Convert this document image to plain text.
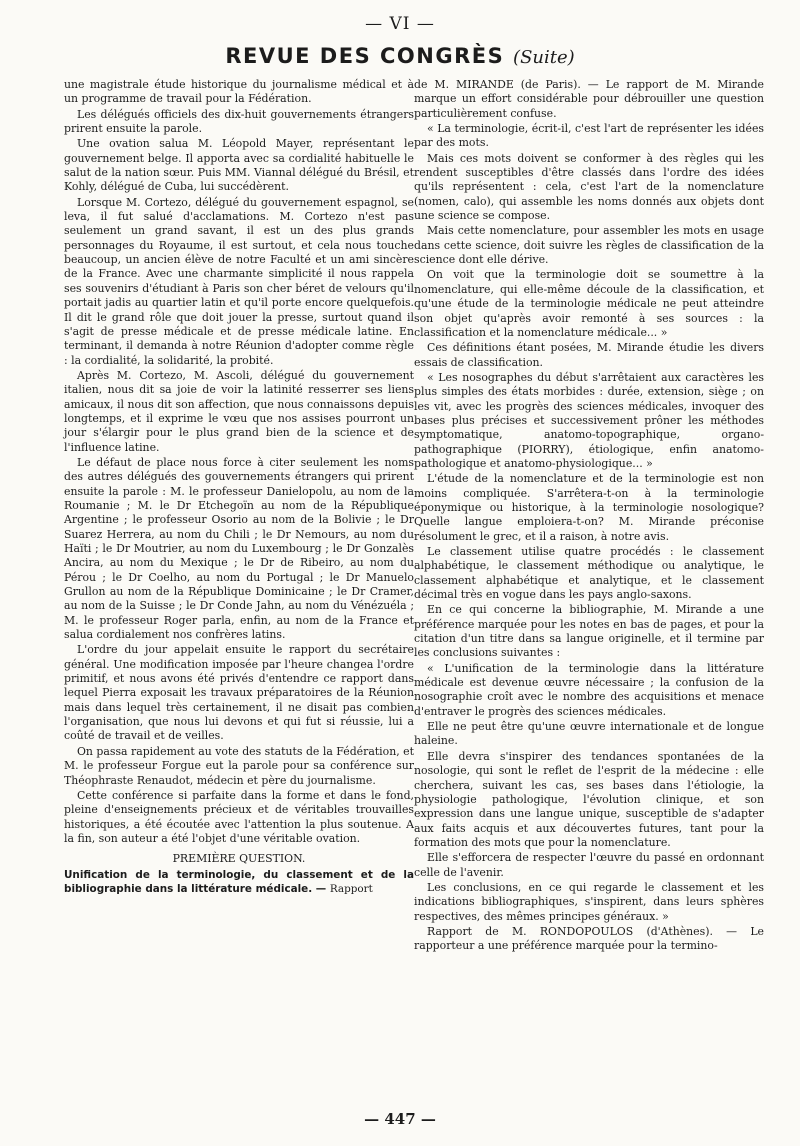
— VI —
REVUE DES CONGRÈS (Suite)

une magistrale étude historique du journalisme médical et à un programme de travail pour la Fédération.

Les délégués officiels des dix-huit gouvernements étrangers prirent ensuite la parole.

Une ovation salua M. Léopold Mayer, représentant le gouvernement belge. Il apporta avec sa cordialité habituelle le salut de la nation sœur. Puis MM. Viannal délégué du Brésil, et Kohly, délégué de Cuba, lui succédèrent.

Lorsque M. Cortezo, délégué du gouvernement espagnol, se leva, il fut salué d'acclamations. M. Cortezo n'est pas seulement un grand savant, il est un des plus grands personnages du Royaume, il est surtout, et cela nous touche beaucoup, un ancien élève de notre Faculté et un ami sincère de la France. Avec une charmante simplicité il nous rappela ses souvenirs d'étudiant à Paris son cher béret de velours qu'il portait jadis au quartier latin et qu'il porte encore quelquefois. Il dit le grand rôle que doit jouer la presse, surtout quand il s'agit de presse médicale et de presse médicale latine. En terminant, il demanda à notre Réunion d'adopter comme règle : la cordialité, la solidarité, la probité.

Après M. Cortezo, M. Ascoli, délégué du gouvernement italien, nous dit sa joie de voir la latinité resserrer ses liens amicaux, il nous dit son affection, que nous connaissons depuis longtemps, et il exprime le vœu que nos assises pourront un jour s'élargir pour le plus grand bien de la science et de l'influence latine.

Le défaut de place nous force à citer seulement les noms des autres délégués des gouvernements étrangers qui prirent ensuite la parole : M. le professeur Danielopolu, au nom de la Roumanie ; M. le Dr Etchegoïn au nom de la République Argentine ; le professeur Osorio au nom de la Bolivie ; le Dr Suarez Herrera, au nom du Chili ; le Dr Nemours, au nom du Haïti ; le Dr Moutrier, au nom du Luxembourg ; le Dr Gonzalès Ancira, au nom du Mexique ; le Dr de Ribeiro, au nom du Pérou ; le Dr Coelho, au nom du Portugal ; le Dr Manuelo Grullon au nom de la République Dominicaine ; le Dr Cramer, au nom de la Suisse ; le Dr Conde Jahn, au nom du Vénézuéla ; M. le professeur Roger parla, enfin, au nom de la France et salua cordialement nos confrères latins.

L'ordre du jour appelait ensuite le rapport du secrétaire général. Une modification imposée par l'heure changea l'ordre primitif, et nous avons été privés d'entendre ce rapport dans lequel Pierra exposait les travaux préparatoires de la Réunion mais dans lequel très certainement, il ne disait pas combien l'organisation, que nous lui devons et qui fut si réussie, lui a coûté de travail et de veilles.

On passa rapidement au vote des statuts de la Fédération, et M. le professeur Forgue eut la parole pour sa conférence sur Théophraste Renaudot, médecin et père du journalisme.

Cette conférence si parfaite dans la forme et dans le fond, pleine d'enseignements précieux et de véritables trouvailles historiques, a été écoutée avec l'attention la plus soutenue. A la fin, son auteur a été l'objet d'une véritable ovation.

PREMIÈRE QUESTION.

Unification de la terminologie, du classement et de la bibliographie dans la littérature médicale. — Rapport

de M. MIRANDE (de Paris). — Le rapport de M. Mirande marque un effort considérable pour débrouiller une question particulièrement confuse.

« La terminologie, écrit-il, c'est l'art de représenter les idées par des mots.

Mais ces mots doivent se conformer à des règles qui les rendent susceptibles d'être classés dans l'ordre des idées qu'ils représentent : cela, c'est l'art de la nomenclature (nomen, calo), qui assemble les noms donnés aux objets dont une science se compose.

Mais cette nomenclature, pour assembler les mots en usage dans cette science, doit suivre les règles de classification de la science dont elle dérive.

On voit que la terminologie doit se soumettre à la nomenclature, qui elle-même découle de la classification, et qu'une étude de la terminologie médicale ne peut atteindre son objet qu'après avoir remonté à ses sources : la classification et la nomenclature médicale... »

Ces définitions étant posées, M. Mirande étudie les divers essais de classification.

« Les nosographes du début s'arrêtaient aux caractères les plus simples des états morbides : durée, extension, siège ; on les vit, avec les progrès des sciences médicales, invoquer des bases plus précises et successivement prôner les méthodes symptomatique, anatomo-topographique, organo-pathographique (PIORRY), étiologique, enfin anatomo-pathologique et anatomo-physiologique... »

L'étude de la nomenclature et de la terminologie est non moins compliquée. S'arrêtera-t-on à la terminologie éponymique ou historique, à la terminologie nosologique? Quelle langue emploiera-t-on? M. Mirande préconise résolument le grec, et il a raison, à notre avis.

Le classement utilise quatre procédés : le classement alphabétique, le classement méthodique ou analytique, le classement alphabétique et analytique, et le classement décimal très en vogue dans les pays anglo-saxons.

En ce qui concerne la bibliographie, M. Mirande a une préférence marquée pour les notes en bas de pages, et pour la citation d'un titre dans sa langue originelle, et il termine par les conclusions suivantes :

« L'unification de la terminologie dans la littérature médicale est devenue œuvre nécessaire ; la confusion de la nosographie croît avec le nombre des acquisitions et menace d'entraver le progrès des sciences médicales.

Elle ne peut être qu'une œuvre internationale et de longue haleine.

Elle devra s'inspirer des tendances spontanées de la nosologie, qui sont le reflet de l'esprit de la médecine : elle cherchera, suivant les cas, ses bases dans l'étiologie, la physiologie pathologique, l'évolution clinique, et son expression dans une langue unique, susceptible de s'adapter aux faits acquis et aux découvertes futures, tant pour la formation des mots que pour la nomenclature.

Elle s'efforcera de respecter l'œuvre du passé en ordonnant celle de l'avenir.

Les conclusions, en ce qui regarde le classement et les indications bibliographiques, s'inspirent, dans leurs sphères respectives, des mêmes principes généraux. »

Rapport de M. RONDOPOULOS (d'Athènes). — Le rapporteur a une préférence marquée pour la termino-

— 447 —
